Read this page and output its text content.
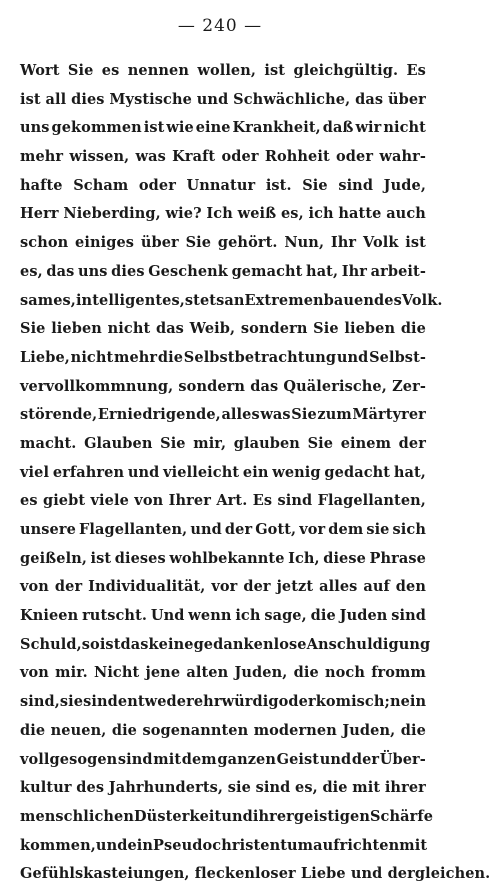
— 240 —
Wort Sie es nennen wollen, ist gleichgültig. Es
ist all dies Mystische und Schwächliche, das über
uns gekommen ist wie eine Krankheit, daß wir nicht
mehr wissen, was Kraft oder Rohheit oder wahr-
hafte Scham oder Unnatur ist. Sie sind Jude,
Herr Nieberding, wie? Ich weiß es, ich hatte auch
schon einiges über Sie gehört. Nun, Ihr Volk ist
es, das uns dies Geschenk gemacht hat, Ihr arbeit-
sames, intelligentes, stets an Extremen bauendes Volk.
Sie lieben nicht das Weib, sondern Sie lieben die
Liebe, nicht mehr die Selbstbetrachtung und Selbst-
vervollkommnung, sondern das Quälerische, Zer-
störende, Erniedrigende, alles was Sie zum Märtyrer
macht. Glauben Sie mir, glauben Sie einem der
viel erfahren und vielleicht ein wenig gedacht hat,
es giebt viele von Ihrer Art. Es sind Flagellanten,
unsere Flagellanten, und der Gott, vor dem sie sich
geißeln, ist dieses wohlbekannte Ich, diese Phrase
von der Individualität, vor der jetzt alles auf den
Knieen rutscht. Und wenn ich sage, die Juden sind
Schuld, so ist das keine gedankenlose Anschuldigung
von mir. Nicht jene alten Juden, die noch fromm
sind, sie sind entweder ehrwürdig oder komisch; nein
die neuen, die sogenannten modernen Juden, die
vollgesogen sind mit dem ganzen Geist und der Über-
kultur des Jahrhunderts, sie sind es, die mit ihrer
menschlichen Düsterkeit und ihrer geistigen Schärfe
kommen, und ein Pseudochristentum aufrichten mit
Gefühlskasteiungen,
fleckenloser
Liebe
und
dergleichen.
